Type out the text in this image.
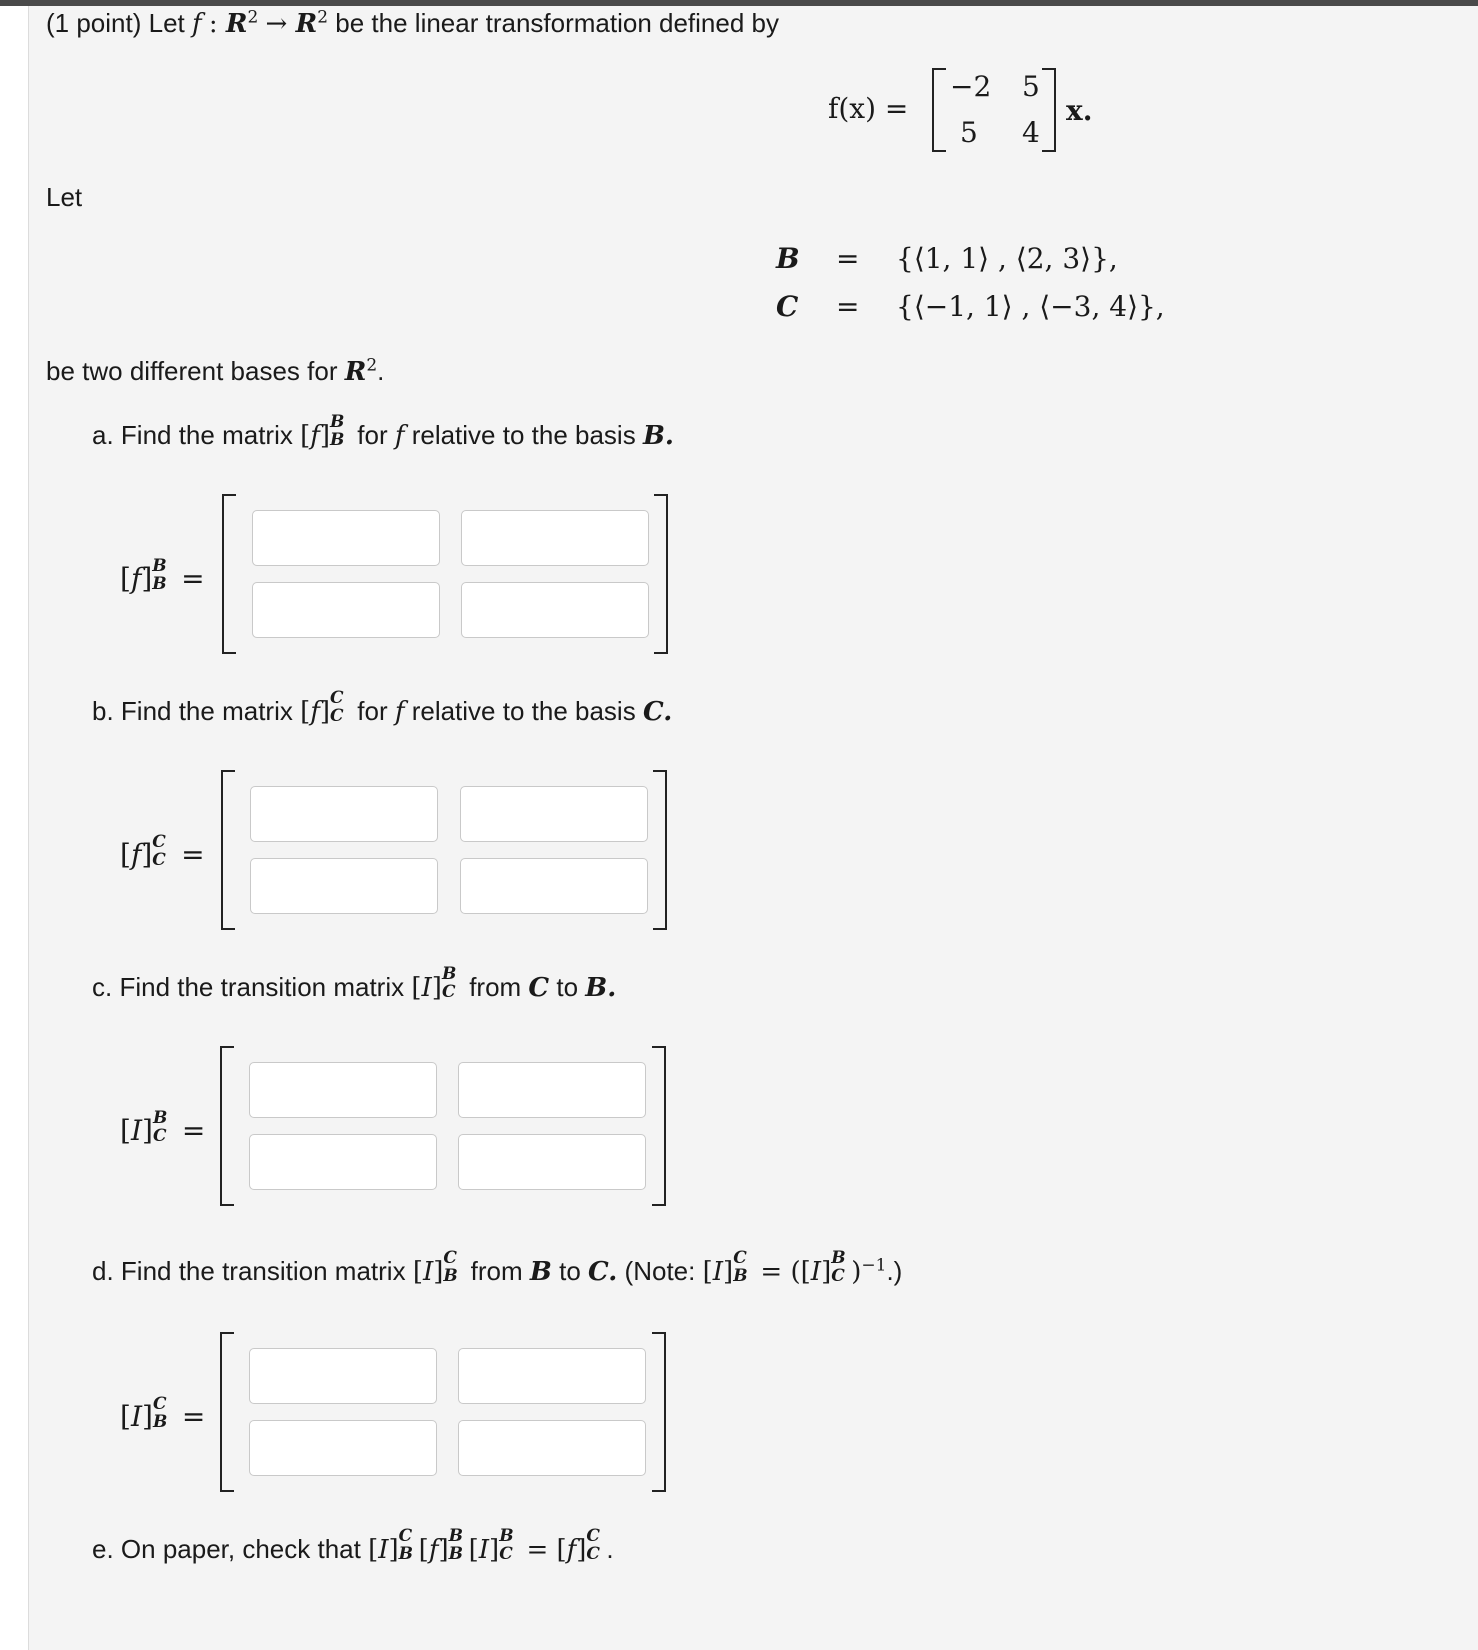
(1 point) Let f : $R^2 \to R^2$ be the linear transformation defined by
f(x) =
−2 5
5 4
x.
Let
B = {⟨1, 1⟩ , ⟨2, 3⟩},
C = {⟨−1, 1⟩ , ⟨−3, 4⟩},
be two different bases for $R^2$.
a. Find the matrix [f] B
B for f relative to the basis B.
[f] B
B =
b. Find the matrix [f] C
C for f relative to the basis C.
[f] C
C =
c. Find the transition matrix [I] B
C from C to B.
[I] B
C =
d. Find the transition matrix [I] C
B from B to C. (Note: [I] C
B = ([I] B
C )$^{-1}$.)
[I] C
B =
e. On paper, check that [I] C
B [f] B
B [I] B
C = [f] C
C .
